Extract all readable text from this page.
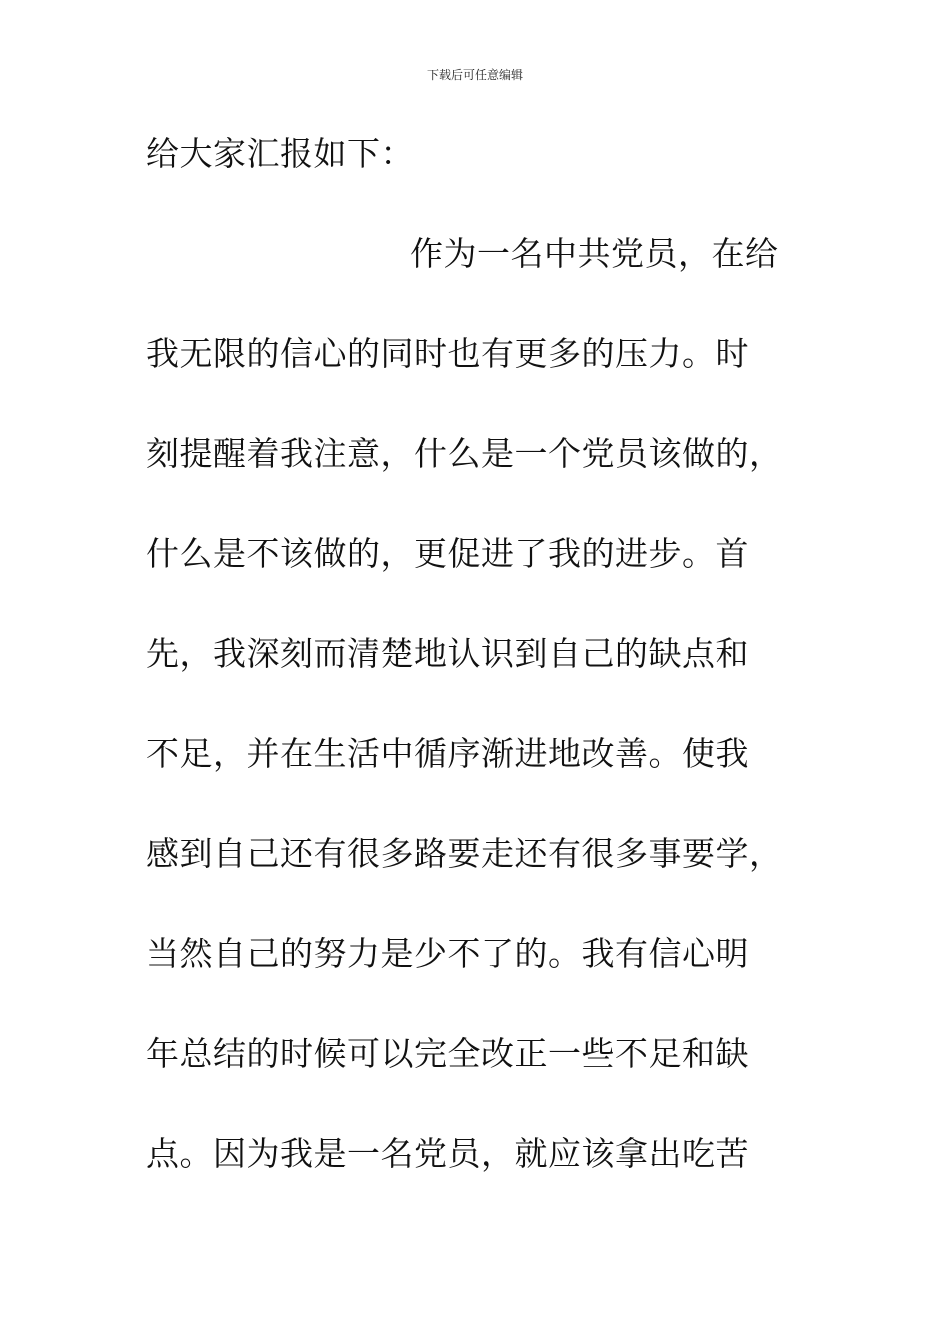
下载后可任意编辑
给大家汇报如下：
作为一名中共党员，在给
我无限的信心的同时也有更多的压力。时
刻提醒着我注意，什么是一个党员该做的，
什么是不该做的，更促进了我的进步。首
先，我深刻而清楚地认识到自己的缺点和
不足，并在生活中循序渐进地改善。使我
感到自己还有很多路要走还有很多事要学，
当然自己的努力是少不了的。我有信心明
年总结的时候可以完全改正一些不足和缺
点。因为我是一名党员，就应该拿出吃苦
